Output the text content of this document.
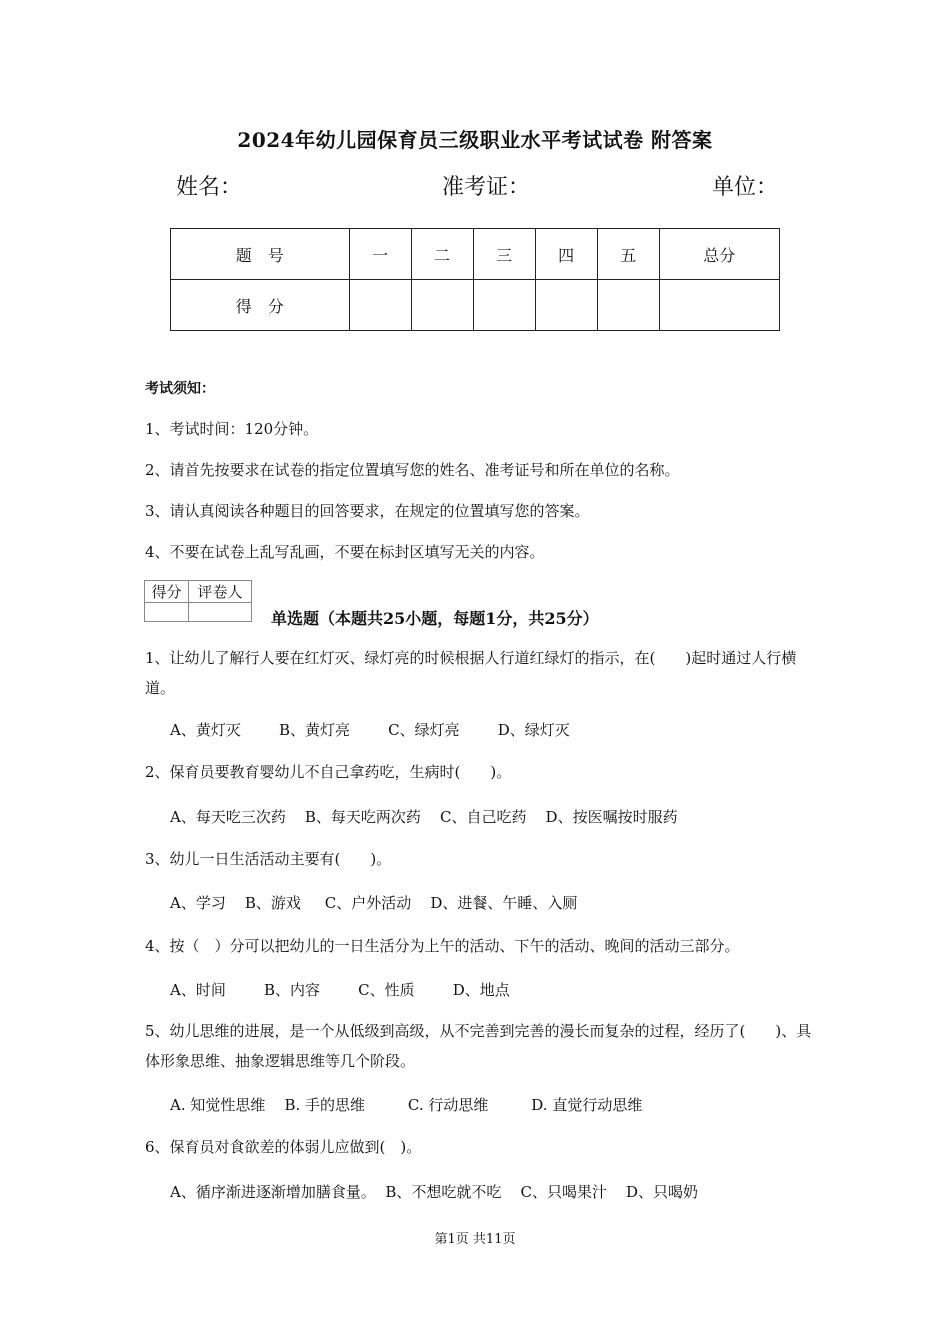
2024年幼儿园保育员三级职业水平考试试卷 附答案
姓名：	准考证：	单位：
题　号	一	二	三	四	五	总分
得　分						
考试须知：
1、考试时间：120分钟。
2、请首先按要求在试卷的指定位置填写您的姓名、准考证号和所在单位的名称。
3、请认真阅读各种题目的回答要求，在规定的位置填写您的答案。
4、不要在试卷上乱写乱画，不要在标封区填写无关的内容。
得分	评卷人

单选题（本题共25小题，每题1分，共25分）
1、让幼儿了解行人要在红灯灭、绿灯亮的时候根据人行道红绿灯的指示，在(　　)起时通过人行横道。
A、黄灯灭        B、黄灯亮        C、绿灯亮        D、绿灯灭
2、保育员要教育婴幼儿不自己拿药吃，生病时(　　)。
A、每天吃三次药    B、每天吃两次药    C、自己吃药    D、按医嘱按时服药
3、幼儿一日生活活动主要有(　　)。
A、学习    B、游戏     C、户外活动    D、进餐、午睡、入厕
4、按（　）分可以把幼儿的一日生活分为上午的活动、下午的活动、晚间的活动三部分。
A、时间        B、内容        C、性质        D、地点
5、幼儿思维的进展，是一个从低级到高级，从不完善到完善的漫长而复杂的过程，经历了(　　)、具体形象思维、抽象逻辑思维等几个阶段。
A. 知觉性思维    B. 手的思维         C. 行动思维         D. 直觉行动思维
6、保育员对食欲差的体弱儿应做到(　)。
A、循序渐进逐渐增加膳食量。  B、不想吃就不吃    C、只喝果汁    D、只喝奶
第1页 共11页
